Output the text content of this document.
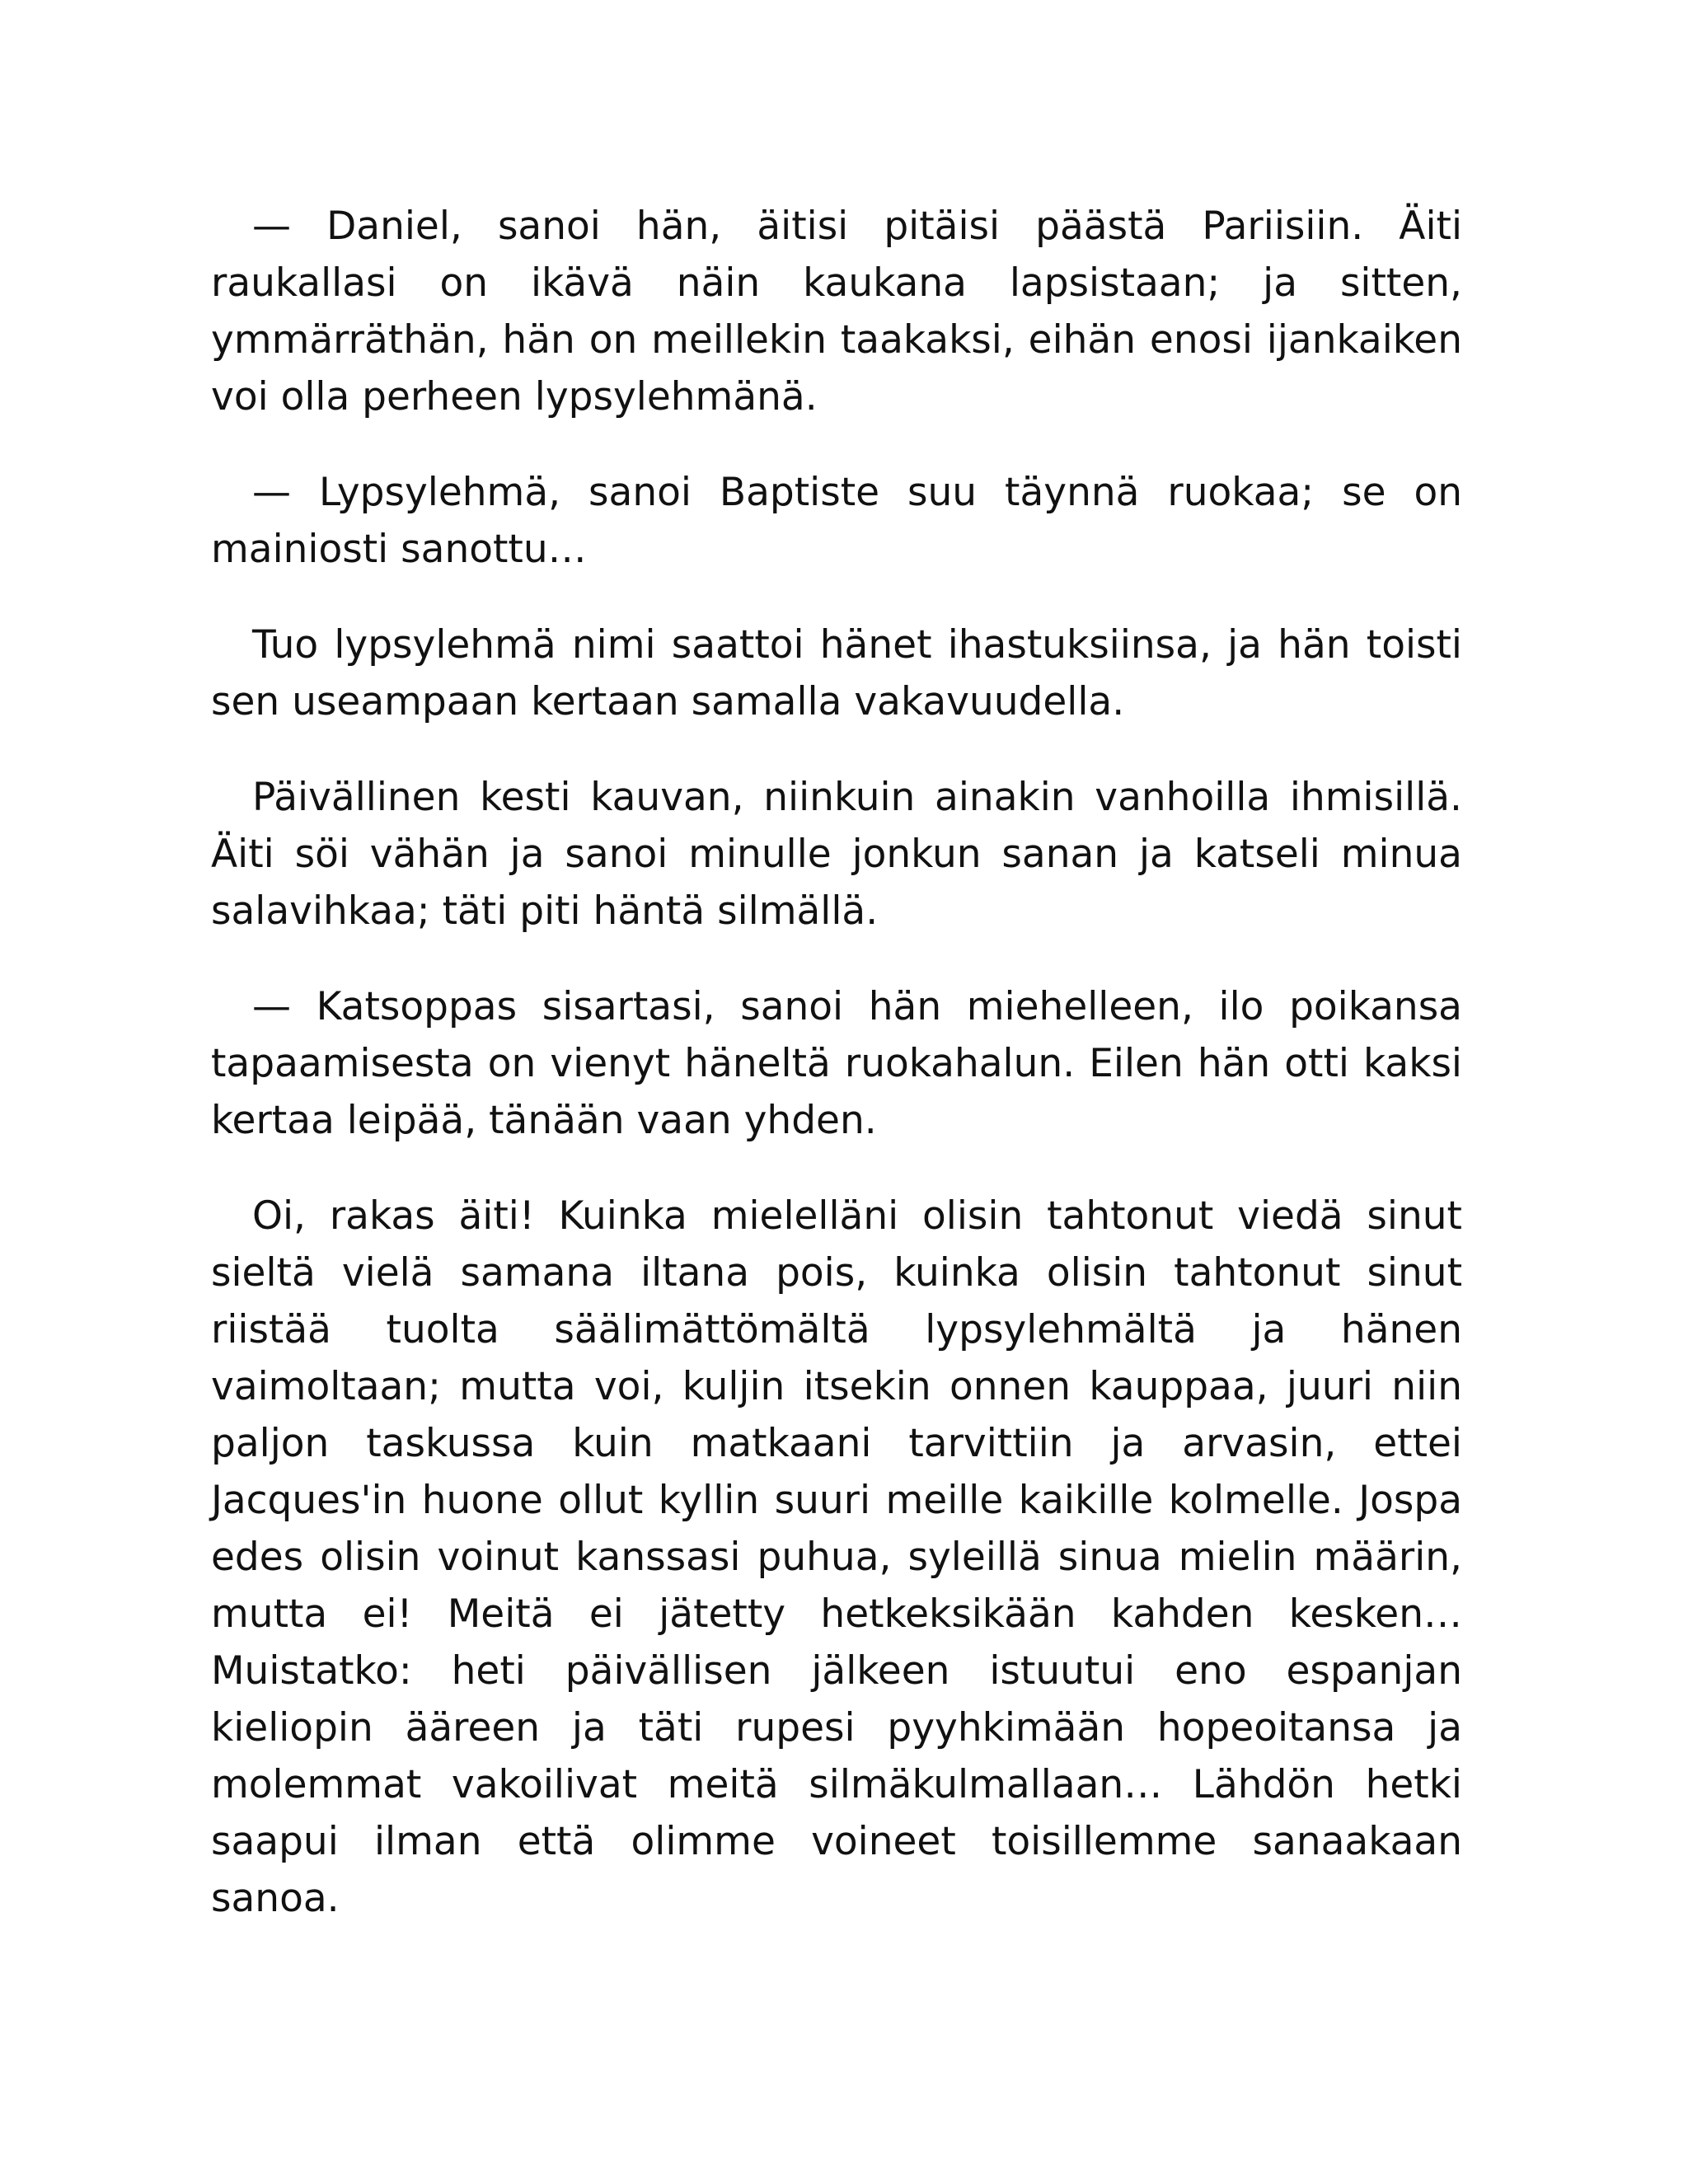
— Daniel, sanoi hän, äitisi pitäisi päästä Pariisiin. Äiti raukallasi on ikävä näin kaukana lapsistaan; ja sitten, ymmärräthän, hän on meillekin taakaksi, eihän enosi ijankaiken voi olla perheen lypsylehmänä.

— Lypsylehmä, sanoi Baptiste suu täynnä ruokaa; se on mainiosti sanottu…

Tuo lypsylehmä nimi saattoi hänet ihastuksiinsa, ja hän toisti sen useampaan kertaan samalla vakavuudella.

Päivällinen kesti kauvan, niinkuin ainakin vanhoilla ihmisillä. Äiti söi vähän ja sanoi minulle jonkun sanan ja katseli minua salavihkaa; täti piti häntä silmällä.

— Katsoppas sisartasi, sanoi hän miehelleen, ilo poikansa tapaamisesta on vienyt häneltä ruokahalun. Eilen hän otti kaksi kertaa leipää, tänään vaan yhden.

Oi, rakas äiti! Kuinka mielelläni olisin tahtonut viedä sinut sieltä vielä samana iltana pois, kuinka olisin tahtonut sinut riistää tuolta säälimättömältä lypsylehmältä ja hänen vaimoltaan; mutta voi, kuljin itsekin onnen kauppaa, juuri niin paljon taskussa kuin matkaani tarvittiin ja arvasin, ettei Jacques'in huone ollut kyllin suuri meille kaikille kolmelle. Jospa edes olisin voinut kanssasi puhua, syleillä sinua mielin määrin, mutta ei! Meitä ei jätetty hetkeksikään kahden kesken… Muistatko: heti päivällisen jälkeen istuutui eno espanjan kieliopin ääreen ja täti rupesi pyyhkimään hopeoitansa ja molemmat vakoilivat meitä silmäkulmallaan… Lähdön hetki saapui ilman että olimme voineet toisillemme sanaakaan sanoa.
